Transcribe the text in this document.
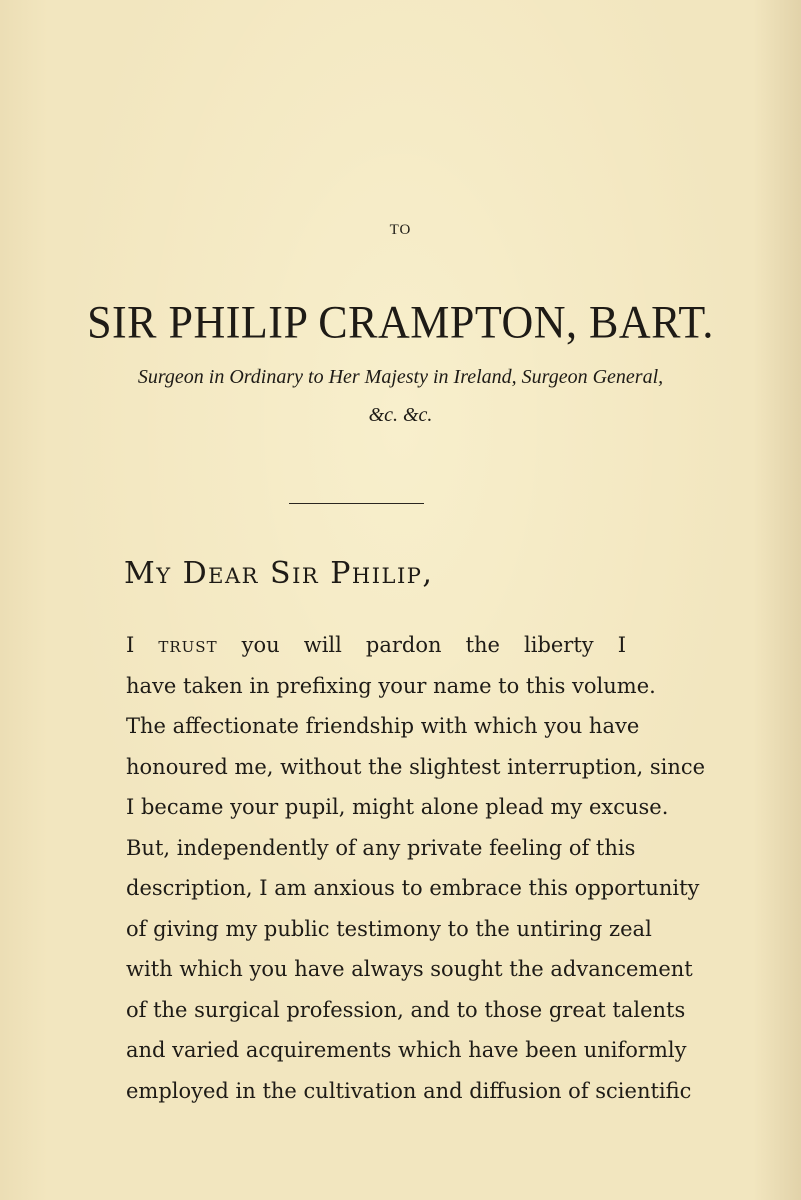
TO
SIR PHILIP CRAMPTON, BART.

Surgeon in Ordinary to Her Majesty in Ireland, Surgeon General,

&c. &c.

My Dear Sir Philip,

I trust you will pardon the liberty I
have taken in prefixing your name to this volume.
The affectionate friendship with which you have
honoured me, without the slightest interruption, since
I became your pupil, might alone plead my excuse.
But, independently of any private feeling of this
description, I am anxious to embrace this opportunity
of giving my public testimony to the untiring zeal
with which you have always sought the advancement
of the surgical profession, and to those great talents
and varied acquirements which have been uniformly
employed in the cultivation and diffusion of scientific
